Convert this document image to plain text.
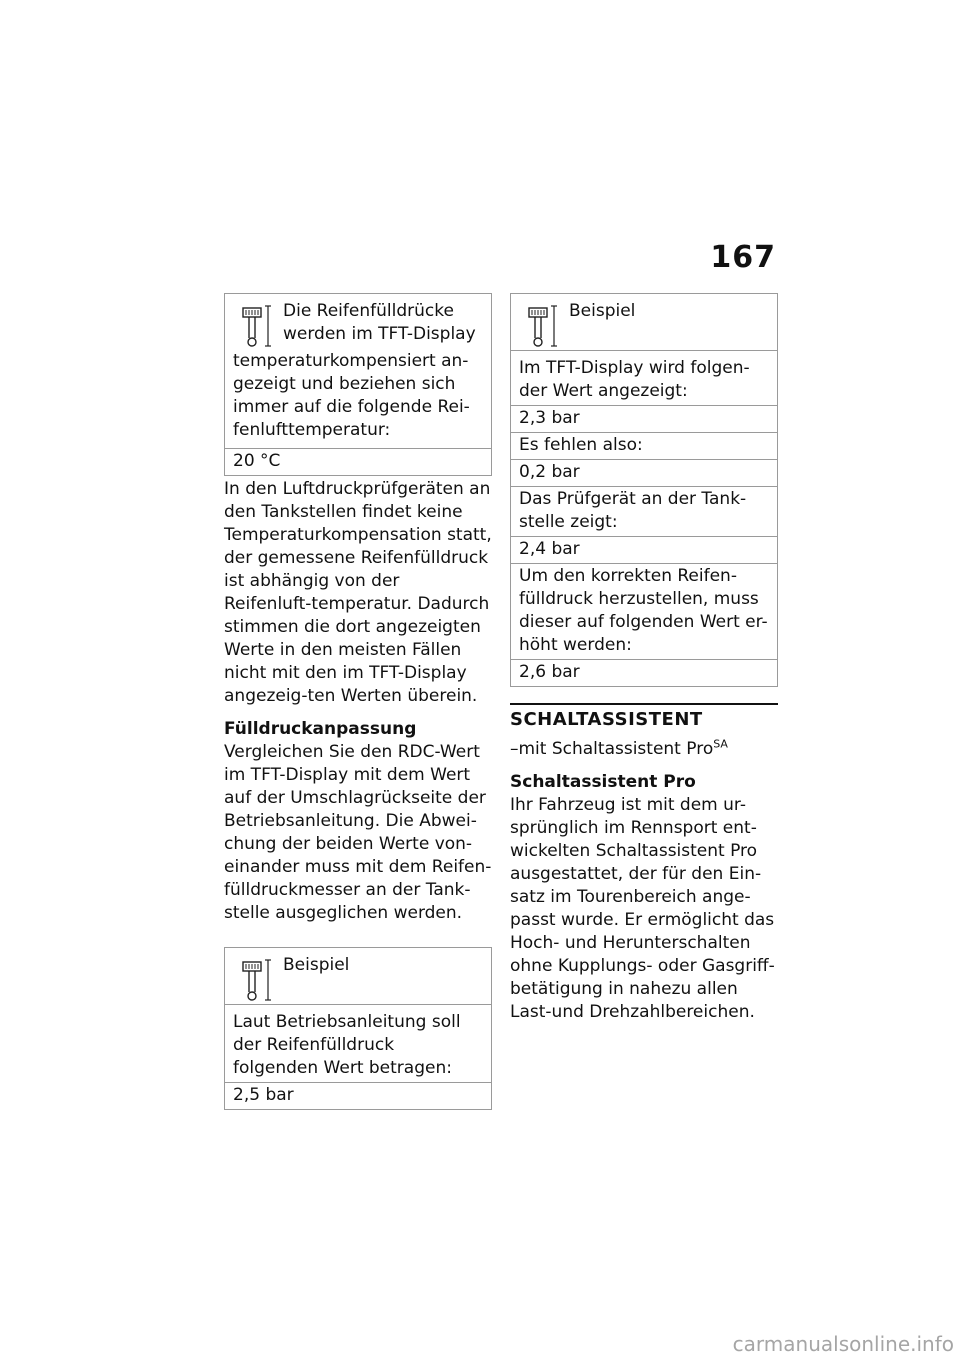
167
Die Reifenfülldrücke werden im TFT-Display temperaturkompensiert an-gezeigt und beziehen sich immer auf die folgende Rei-fenlufttemperatur:
20 °C

In den Luftdruckprüfgeräten an den Tankstellen findet keine Temperaturkompensation statt, der gemessene Reifenfülldruck ist abhängig von der Reifenluft-temperatur. Dadurch stimmen die dort angezeigten Werte in den meisten Fällen nicht mit den im TFT-Display angezeig-ten Werten überein.

Fülldruckanpassung

Vergleichen Sie den RDC-Wert im TFT-Display mit dem Wert auf der Umschlagrückseite der Betriebsanleitung. Die Abwei-chung der beiden Werte von-einander muss mit dem Reifen-fülldruckmesser an der Tank-stelle ausgeglichen werden.

Beispiel
Laut Betriebsanleitung soll der Reifenfülldruck folgenden Wert betragen:
2,5 bar
Beispiel
Im TFT-Display wird folgen-der Wert angezeigt:
2,3 bar
Es fehlen also:
0,2 bar
Das Prüfgerät an der Tank-stelle zeigt:
2,4 bar
Um den korrekten Reifen-fülldruck herzustellen, muss dieser auf folgenden Wert er-höht werden:
2,6 bar
SCHALTASSISTENT
–mit Schaltassistent Pro$^{SA}$
Schaltassistent Pro

Ihr Fahrzeug ist mit dem ur-sprünglich im Rennsport ent-wickelten Schaltassistent Pro ausgestattet, der für den Ein-satz im Tourenbereich ange-passt wurde. Er ermöglicht das Hoch- und Herunterschalten ohne Kupplungs- oder Gasgriff-betätigung in nahezu allen Last-und Drehzahlbereichen.

carmanualsonline.info
